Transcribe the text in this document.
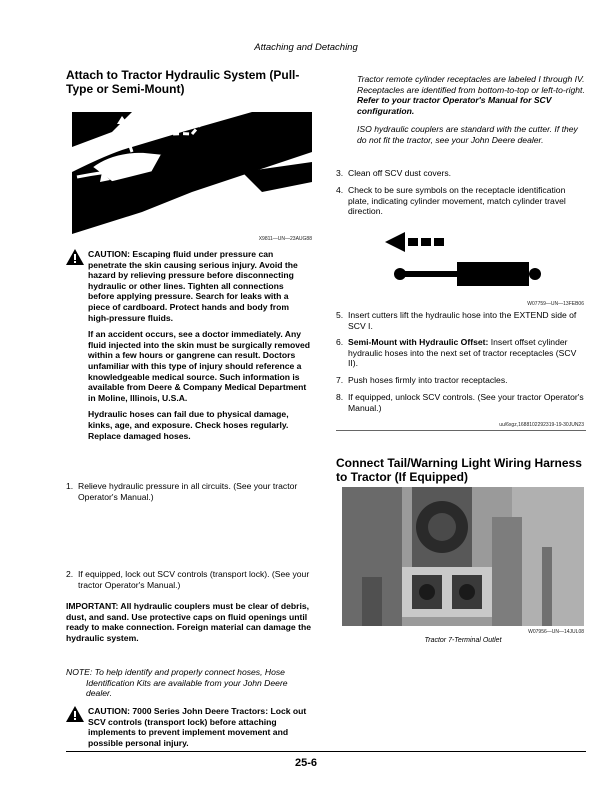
Attaching and Detaching
Attach to Tractor Hydraulic System (Pull-Type or Semi-Mount)
X9811—UN—23AUG88

CAUTION: Escaping fluid under pressure can penetrate the skin causing serious injury. Avoid the hazard by relieving pressure before disconnecting hydraulic or other lines. Tighten all connections before applying pressure. Search for leaks with a piece of cardboard. Protect hands and body from high-pressure fluids.

If an accident occurs, see a doctor immediately. Any fluid injected into the skin must be surgically removed within a few hours or gangrene can result. Doctors unfamiliar with this type of injury should reference a knowledgeable medical source. Such information is available from Deere & Company Medical Department in Moline, Illinois, U.S.A.

Hydraulic hoses can fail due to physical damage, kinks, age, and exposure. Check hoses regularly. Replace damaged hoses.

1. Relieve hydraulic pressure in all circuits. (See your tractor Operator's Manual.)

CAUTION: 7000 Series John Deere Tractors: Lock out SCV controls (transport lock) before attaching implements to prevent implement movement and possible personal injury.

2. If equipped, lock out SCV controls (transport lock). (See your tractor Operator's Manual.)
IMPORTANT: All hydraulic couplers must be clear of debris, dust, and sand. Use protective caps on fluid openings until ready to make connection. Foreign material can damage the hydraulic system.
NOTE: To help identify and properly connect hoses, Hose Identification Kits are available from your John Deere dealer.
Tractor remote cylinder receptacles are labeled I through IV. Receptacles are identified from bottom-to-top or left-to-right. Refer to your tractor Operator's Manual for SCV configuration.
ISO hydraulic couplers are standard with the cutter. If they do not fit the tractor, see your John Deere dealer.
3. Clean off SCV dust covers.
4. Check to be sure symbols on the receptacle identification plate, indicating cylinder movement, match cylinder travel direction.
W07759—UN—13FEB06
5. Insert cutters lift the hydraulic hose into the EXTEND side of SCV I.
6. Semi-Mount with Hydraulic Offset: Insert offset cylinder hydraulic hoses into the next set of tractor receptacles (SCV II).
7. Push hoses firmly into tractor receptacles.
8. If equipped, unlock SCV controls. (See your tractor Operator's Manual.)
uu/6xgz,1688102292319-19-30JUN23
Connect Tail/Warning Light Wiring Harness to Tractor (If Equipped)
W07956—UN—14JUL08
Tractor 7-Terminal Outlet
25-6
